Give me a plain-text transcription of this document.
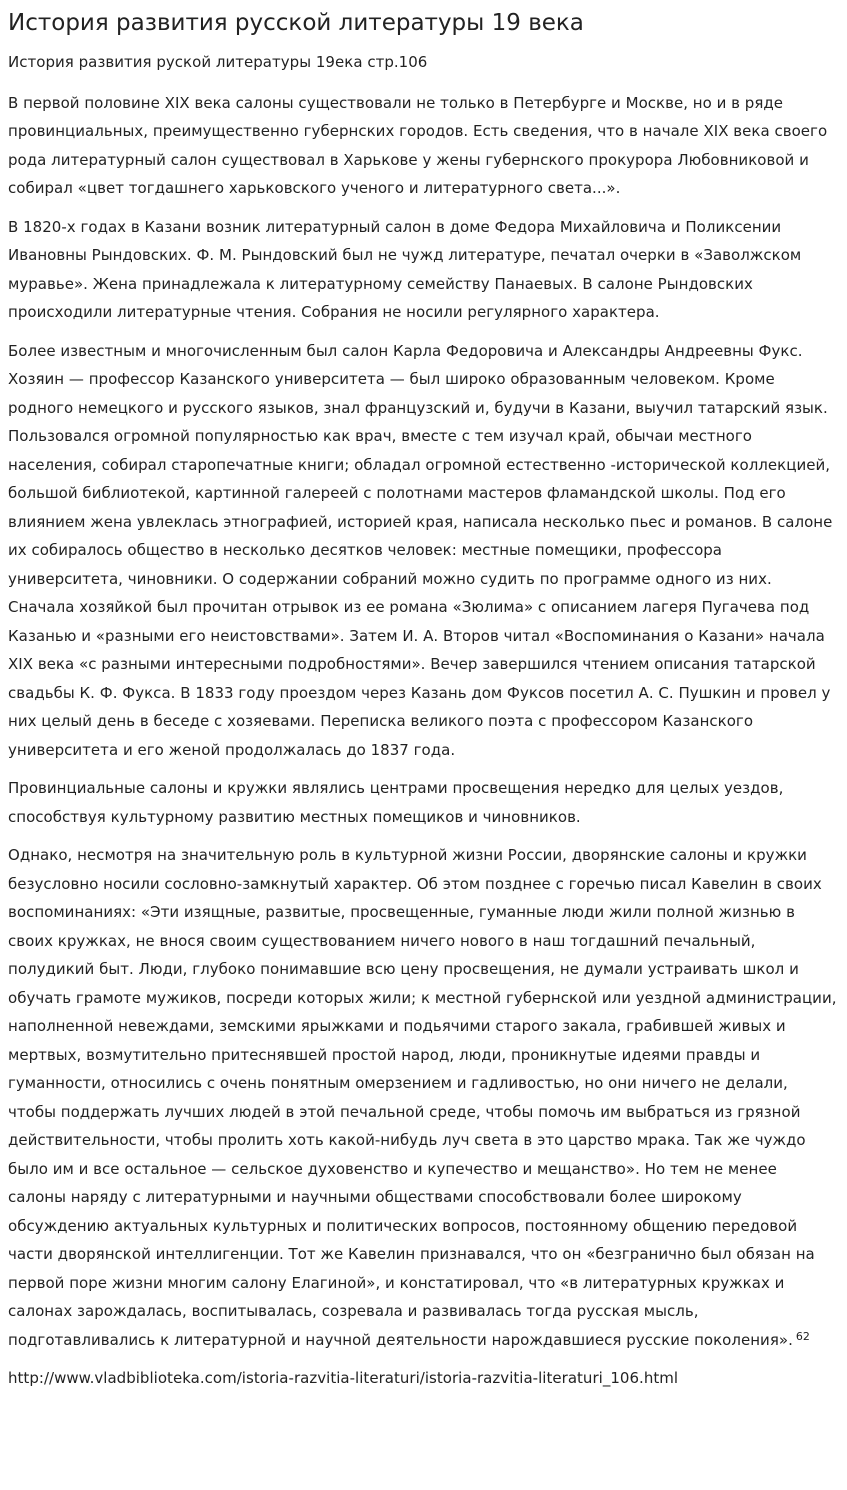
История развития русской литературы 19 века

История развития руской литературы 19ека стр.106

В первой половине XIX века салоны существовали не только в Петербурге и Москве, но и в ряде провинциальных, преимущественно губернских городов. Есть сведения, что в начале XIX века своего рода литературный салон существовал в Харькове у жены губернского прокурора Любовниковой и собирал «цвет тогдашнего харьковского ученого и литературного света...».

В 1820-х годах в Казани возник литературный салон в доме Федора Михайловича и Поликсении Ивановны Рындовских. Ф. М. Рындовский был не чужд литературе, печатал очерки в «Заволжском муравье». Жена принадлежала к литературному семейству Панаевых. В салоне Рындовских происходили литературные чтения. Собрания не носили регулярного характера.

Более известным и многочисленным был салон Карла Федоровича и Александры Андреевны Фукс. Хозяин — профессор Казанского университета — был широко образованным человеком. Кроме родного немецкого и русского языков, знал французский и, будучи в Казани, выучил татарский язык. Пользовался огромной популярностью как врач, вместе с тем изучал край, обычаи местного населения, собирал старопечатные книги; обладал огромной естественно -исторической коллекцией, большой библиотекой, картинной галереей с полотнами мастеров фламандской школы. Под его влиянием жена увлеклась этнографией, историей края, написала несколько пьес и романов. В салоне их собиралось общество в несколько десятков человек: местные помещики, профессора университета, чиновники. О содержании собраний можно судить по программе одного из них. Сначала хозяйкой был прочитан отрывок из ее романа «Зюлима» с описанием лагеря Пугачева под Казанью и «разными его неистовствами». Затем И. А. Второв читал «Воспоминания о Казани» начала XIX века «с разными интересными подробностями». Вечер завершился чтением описания татарской свадьбы К. Ф. Фукса. В 1833 году проездом через Казань дом Фуксов посетил А. С. Пушкин и провел у них целый день в беседе с хозяевами. Переписка великого поэта с профессором Казанского университета и его женой продолжалась до 1837 года.

Провинциальные салоны и кружки являлись центрами просвещения нередко для целых уездов, способствуя культурному развитию местных помещиков и чиновников.

Однако, несмотря на значительную роль в культурной жизни России, дворянские салоны и кружки безусловно носили сословно-замкнутый характер. Об этом позднее с горечью писал Кавелин в своих воспоминаниях: «Эти изящные, развитые, просвещенные, гуманные люди жили полной жизнью в своих кружках, не внося своим существованием ничего нового в наш тогдашний печальный, полудикий быт. Люди, глубоко понимавшие всю цену просвещения, не думали устраивать школ и обучать грамоте мужиков, посреди которых жили; к местной губернской или уездной администрации, наполненной невеждами, земскими ярыжками и подьячими старого закала, грабившей живых и мертвых, возмутительно притеснявшей простой народ, люди, проникнутые идеями правды и гуманности, относились с очень понятным омерзением и гадливостью, но они ничего не делали, чтобы поддержать лучших людей в этой печальной среде, чтобы помочь им выбраться из грязной действительности, чтобы пролить хоть какой-нибудь луч света в это царство мрака. Так же чуждо было им и все остальное — сельское духовенство и купечество и мещанство». Но тем не менее салоны наряду с литературными и научными обществами способствовали более широкому обсуждению актуальных культурных и политических вопросов, постоянному общению передовой части дворянской интеллигенции. Тот же Кавелин признавался, что он «безгранично был обязан на первой поре жизни многим салону Елагиной», и констатировал, что «в литературных кружках и салонах зарождалась, воспитывалась, созревала и развивалась тогда русская мысль, подготавливались к литературной и научной деятельности нарождавшиеся русские поколения». $^{62}$

http://www.vladbiblioteka.com/istoria-razvitia-literaturi/istoria-razvitia-literaturi_106.html
